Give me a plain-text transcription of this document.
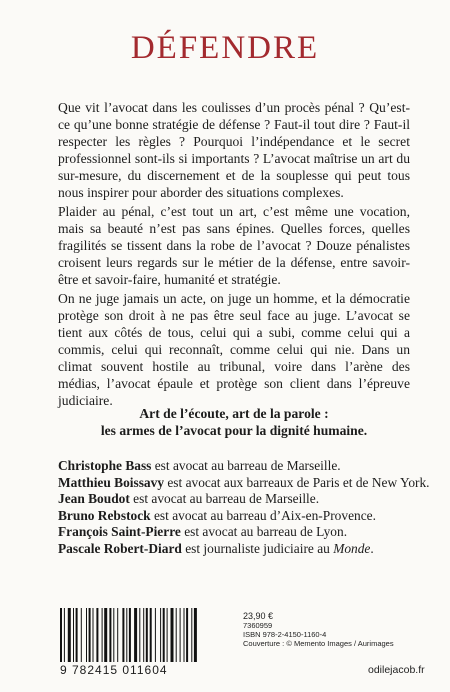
DÉFENDRE

Que vit l’avocat dans les coulisses d’un procès pénal ? Qu’est-ce qu’une bonne stratégie de défense ? Faut-il tout dire ? Faut-il respecter les règles ? Pourquoi l’indépendance et le secret professionnel sont-ils si importants ? L’avocat maîtrise un art du sur-mesure, du discernement et de la souplesse qui peut tous nous inspirer pour aborder des situations complexes.

Plaider au pénal, c’est tout un art, c’est même une vocation, mais sa beauté n’est pas sans épines. Quelles forces, quelles fragilités se tissent dans la robe de l’avocat ? Douze pénalistes croisent leurs regards sur le métier de la défense, entre savoir-être et savoir-faire, humanité et stratégie.

On ne juge jamais un acte, on juge un homme, et la démocratie protège son droit à ne pas être seul face au juge. L’avocat se tient aux côtés de tous, celui qui a subi, comme celui qui a commis, celui qui reconnaît, comme celui qui nie. Dans un climat souvent hostile au tribunal, voire dans l’arène des médias, l’avocat épaule et protège son client dans l’épreuve judiciaire.

Art de l’écoute, art de la parole :
les armes de l’avocat pour la dignité humaine.
Christophe Bass est avocat au barreau de Marseille.
Matthieu Boissavy est avocat aux barreaux de Paris et de New York.
Jean Boudot est avocat au barreau de Marseille.
Bruno Rebstock est avocat au barreau d’Aix-en-Provence.
François Saint-Pierre est avocat au barreau de Lyon.
Pascale Robert-Diard est journaliste judiciaire au Monde.
9 782415 011604
23,90 €
7360959
ISBN 978-2-4150-1160-4
Couverture : © Memento Images / Aurimages
odilejacob.fr
